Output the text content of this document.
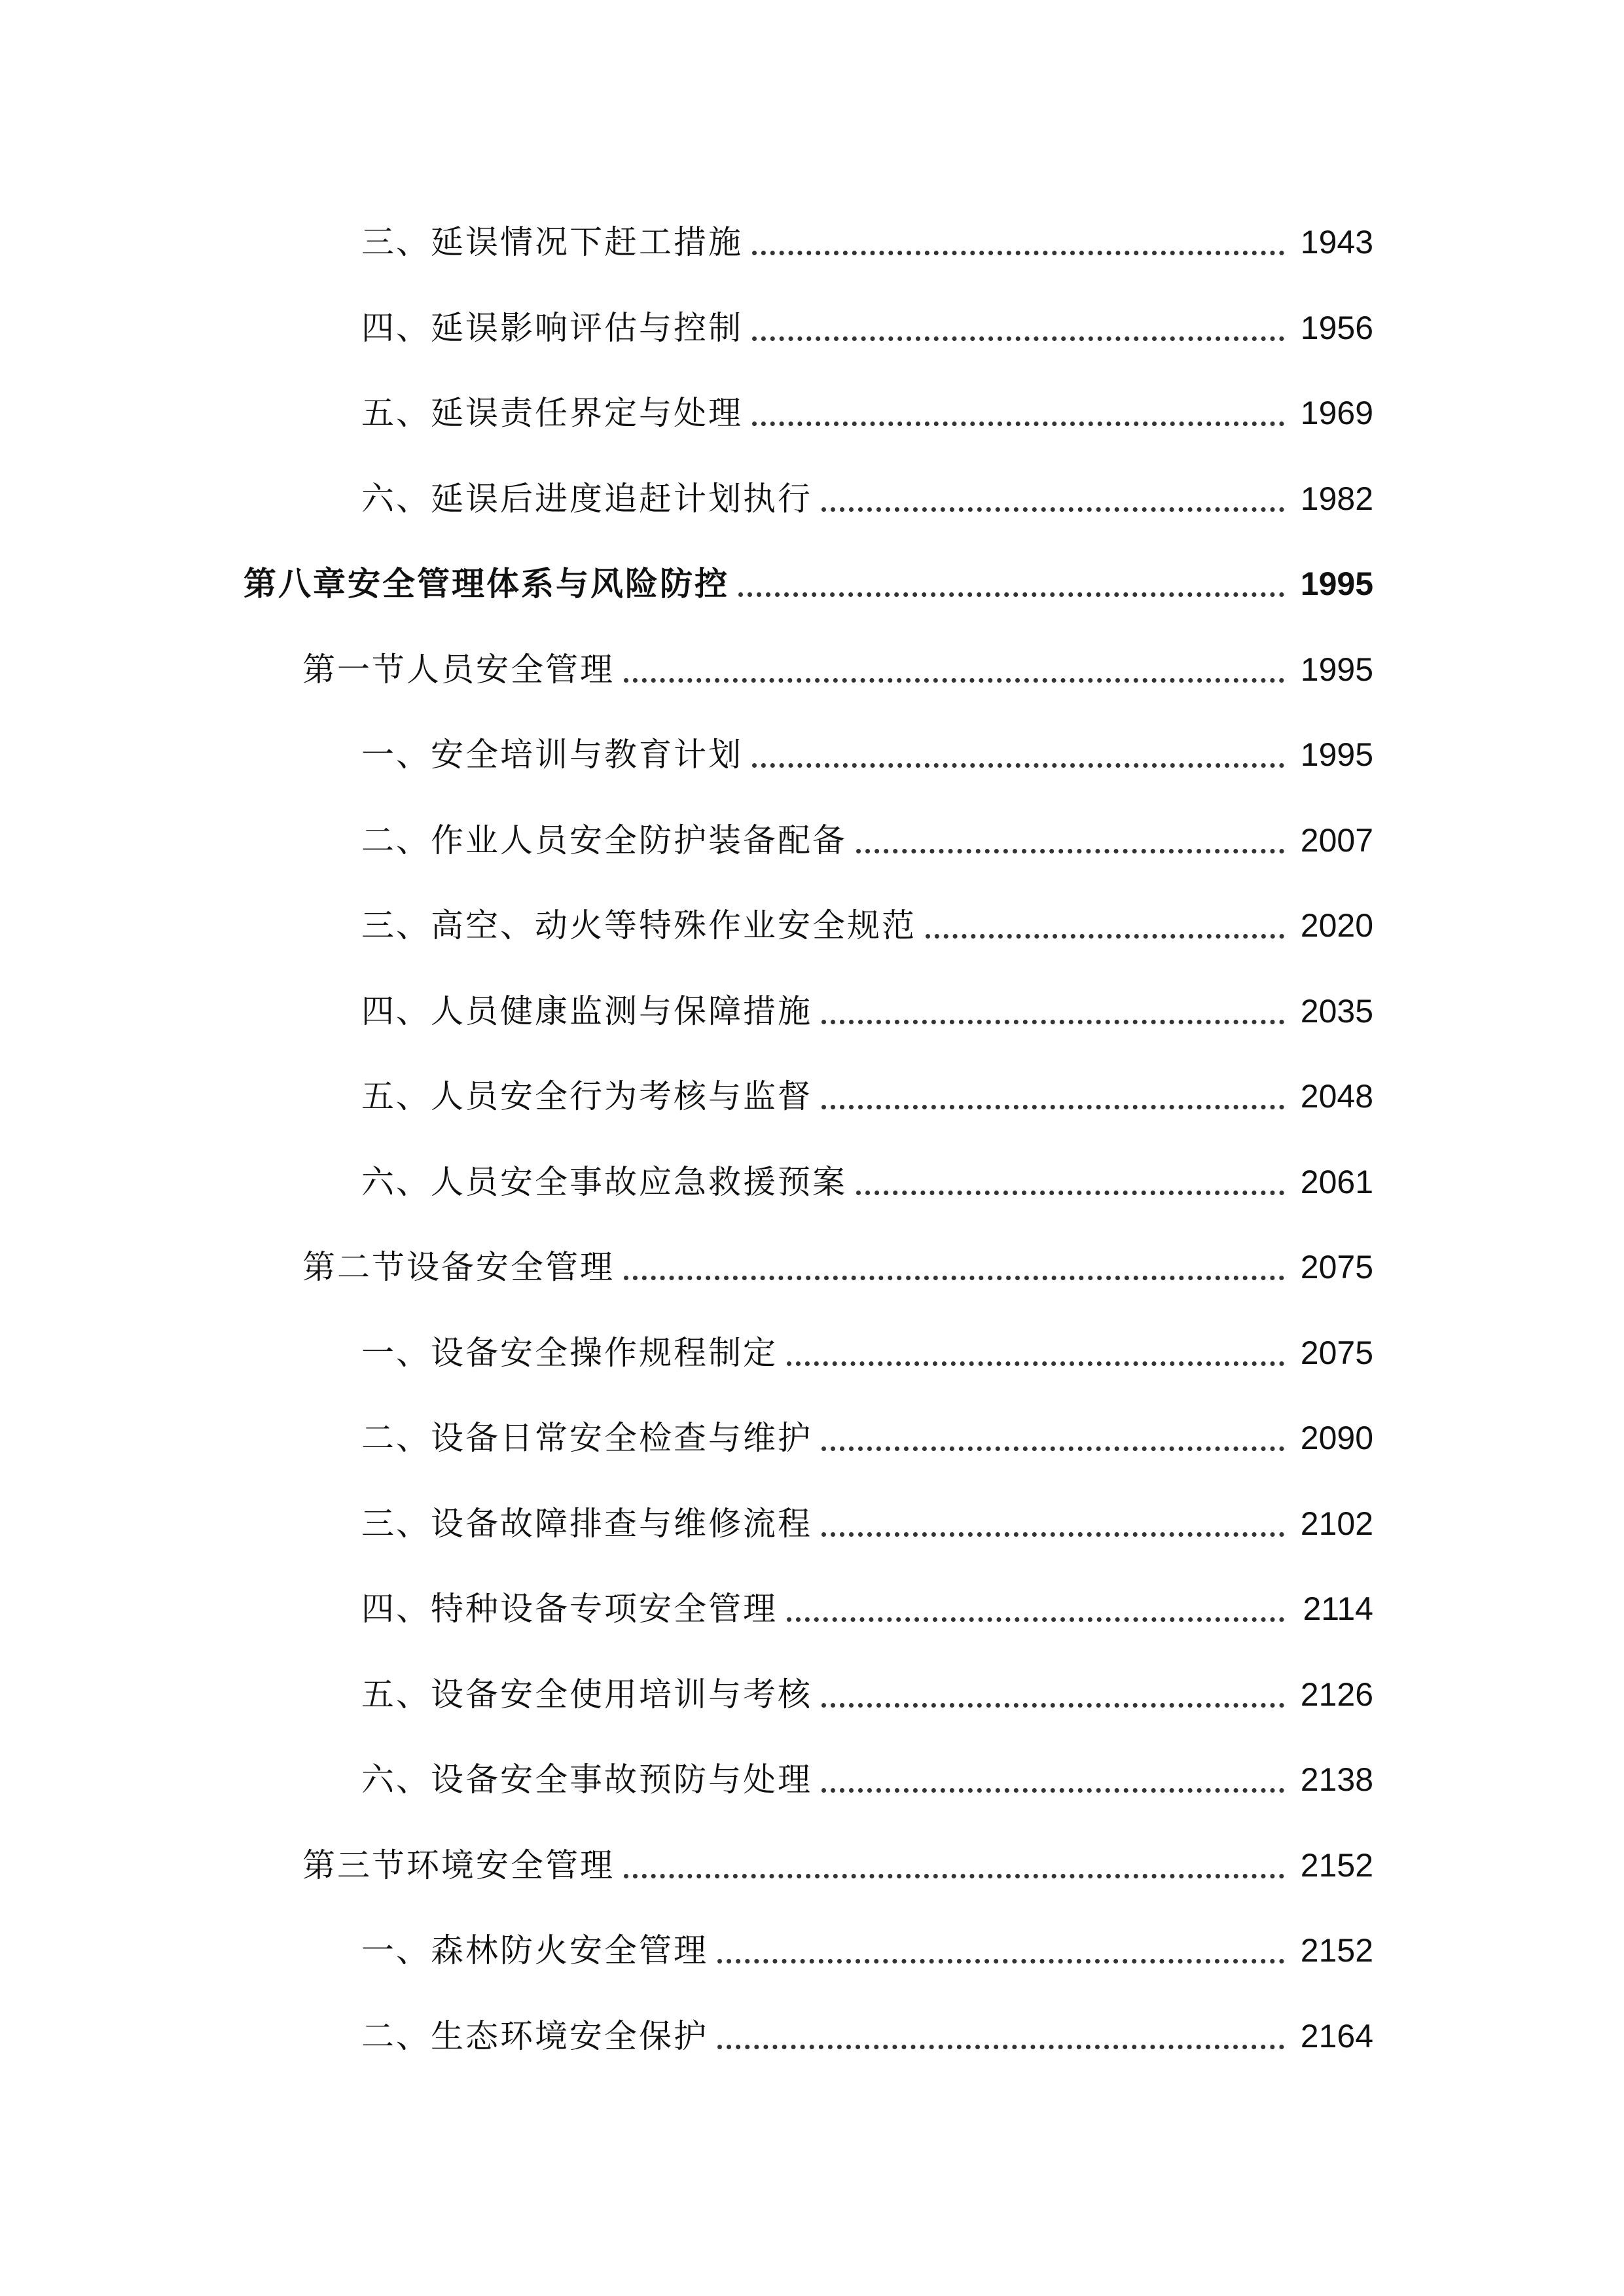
三、延误情况下赶工措施	1943
四、延误影响评估与控制	1956
五、延误责任界定与处理	1969
六、延误后进度追赶计划执行	1982
第八章安全管理体系与风险防控	1995
第一节人员安全管理	1995
一、安全培训与教育计划	1995
二、作业人员安全防护装备配备	2007
三、高空、动火等特殊作业安全规范	2020
四、人员健康监测与保障措施	2035
五、人员安全行为考核与监督	2048
六、人员安全事故应急救援预案	2061
第二节设备安全管理	2075
一、设备安全操作规程制定	2075
二、设备日常安全检查与维护	2090
三、设备故障排查与维修流程	2102
四、特种设备专项安全管理	2114
五、设备安全使用培训与考核	2126
六、设备安全事故预防与处理	2138
第三节环境安全管理	2152
一、森林防火安全管理	2152
二、生态环境安全保护	2164
